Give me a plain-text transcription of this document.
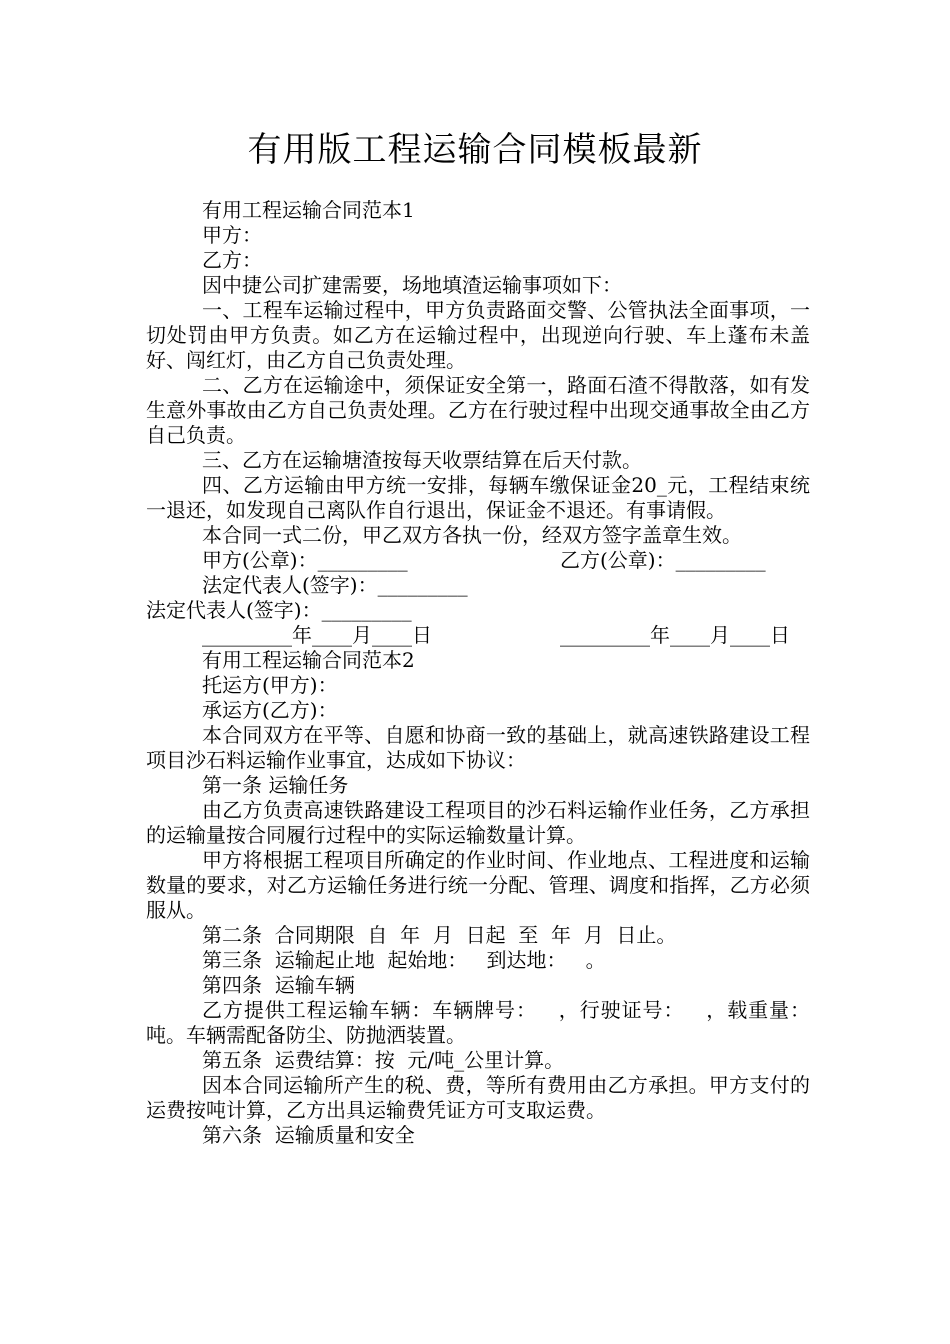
有用版工程运输合同模板最新

有用工程运输合同范本1

甲方：

乙方：

因中捷公司扩建需要，场地填渣运输事项如下：

一、工程车运输过程中，甲方负责路面交警、公管执法全面事项，一切处罚由甲方负责。如乙方在运输过程中，出现逆向行驶、车上蓬布未盖好、闯红灯，由乙方自己负责处理。

二、乙方在运输途中，须保证安全第一，路面石渣不得散落，如有发生意外事故由乙方自己负责处理。乙方在行驶过程中出现交通事故全由乙方自己负责。

三、乙方在运输塘渣按每天收票结算在后天付款。

四、乙方运输由甲方统一安排，每辆车缴保证金20_元，工程结束统一退还，如发现自己离队作自行退出，保证金不退还。有事请假。

本合同一式二份，甲乙双方各执一份，经双方签字盖章生效。

甲方(公章)：_________	乙方(公章)：_________

法定代表人(签字)：_________法定代表人(签字)：_________

_________年____月____日	_________年____月____日

有用工程运输合同范本2

托运方(甲方)：

承运方(乙方)：

本合同双方在平等、自愿和协商一致的基础上，就高速铁路建设工程项目沙石料运输作业事宜，达成如下协议：

第一条 运输任务

由乙方负责高速铁路建设工程项目的沙石料运输作业任务，乙方承担的运输量按合同履行过程中的实际运输数量计算。

甲方将根据工程项目所确定的作业时间、作业地点、工程进度和运输数量的要求，对乙方运输任务进行统一分配、管理、调度和指挥，乙方必须服从。

第二条  合同期限  自  年  月  日起  至  年  月  日止。

第三条  运输起止地  起始地：   到达地：   。

第四条  运输车辆

乙方提供工程运输车辆：车辆牌号：   ，行驶证号：   ，载重量：  吨。车辆需配备防尘、防抛洒装置。

第五条  运费结算：按  元/吨_公里计算。

因本合同运输所产生的税、费，等所有费用由乙方承担。甲方支付的运费按吨计算，乙方出具运输费凭证方可支取运费。

第六条  运输质量和安全
